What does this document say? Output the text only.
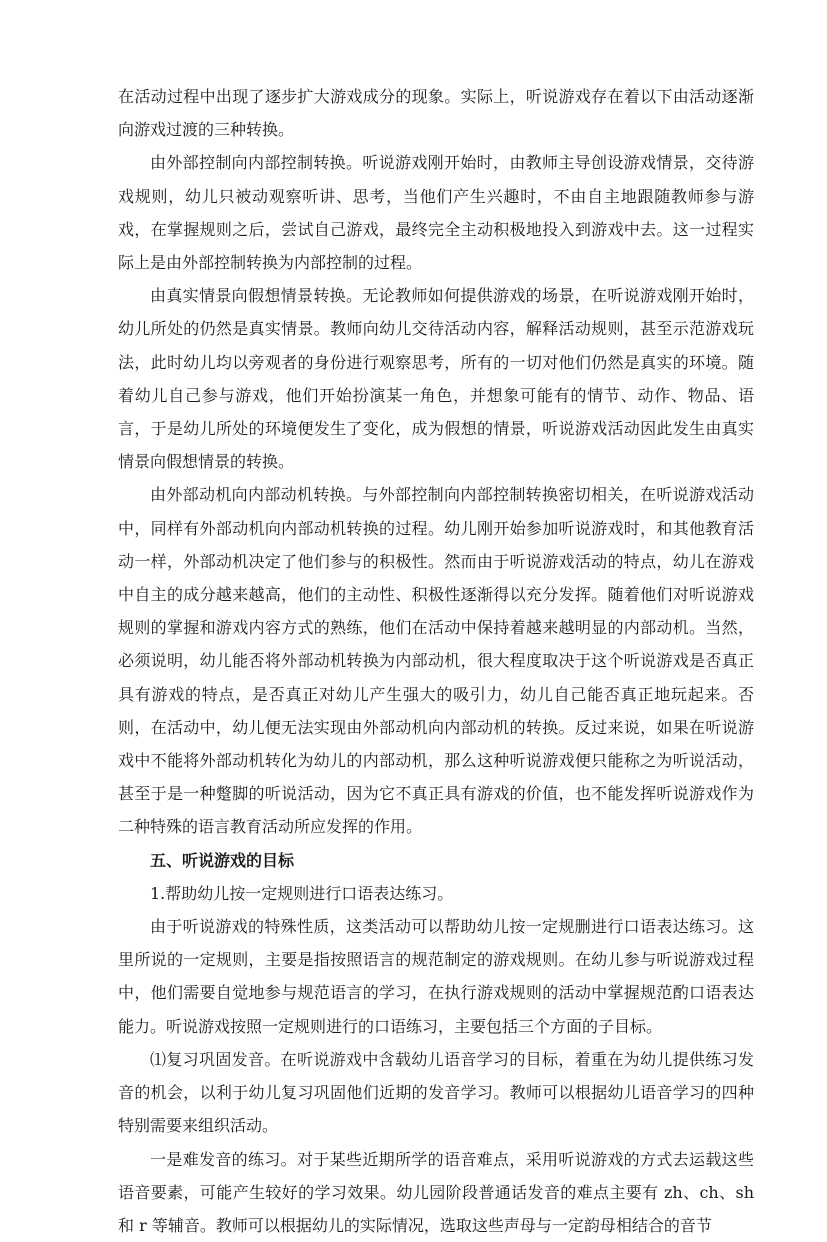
在活动过程中出现了逐步扩大游戏成分的现象。实际上，听说游戏存在着以下由活动逐渐向游戏过渡的三种转换。

由外部控制向内部控制转换。听说游戏刚开始时，由教师主导创设游戏情景，交待游戏规则，幼儿只被动观察听讲、思考，当他们产生兴趣时，不由自主地跟随教师参与游戏，在掌握规则之后，尝试自己游戏，最终完全主动积极地投入到游戏中去。这一过程实际上是由外部控制转换为内部控制的过程。

由真实情景向假想情景转换。无论教师如何提供游戏的场景，在听说游戏刚开始时，幼儿所处的仍然是真实情景。教师向幼儿交待活动内容，解释活动规则，甚至示范游戏玩法，此时幼儿均以旁观者的身份进行观察思考，所有的一切对他们仍然是真实的环境。随着幼儿自己参与游戏，他们开始扮演某一角色，并想象可能有的情节、动作、物品、语言，于是幼儿所处的环境便发生了变化，成为假想的情景，听说游戏活动因此发生由真实情景向假想情景的转换。

由外部动机向内部动机转换。与外部控制向内部控制转换密切相关，在听说游戏活动中，同样有外部动机向内部动机转换的过程。幼儿刚开始参加听说游戏时，和其他教育活动一样，外部动机决定了他们参与的积极性。然而由于听说游戏活动的特点，幼儿在游戏中自主的成分越来越高，他们的主动性、积极性逐渐得以充分发挥。随着他们对听说游戏规则的掌握和游戏内容方式的熟练，他们在活动中保持着越来越明显的内部动机。当然，必须说明，幼儿能否将外部动机转换为内部动机，很大程度取决于这个听说游戏是否真正具有游戏的特点，是否真正对幼儿产生强大的吸引力，幼儿自己能否真正地玩起来。否则，在活动中，幼儿便无法实现由外部动机向内部动机的转换。反过来说，如果在听说游戏中不能将外部动机转化为幼儿的内部动机，那么这种听说游戏便只能称之为听说活动，甚至于是一种蹩脚的听说活动，因为它不真正具有游戏的价值，也不能发挥听说游戏作为二种特殊的语言教育活动所应发挥的作用。

五、听说游戏的目标

1.帮助幼儿按一定规则进行口语表达练习。

由于听说游戏的特殊性质，这类活动可以帮助幼儿按一定规删进行口语表达练习。这里所说的一定规则，主要是指按照语言的规范制定的游戏规则。在幼儿参与听说游戏过程中，他们需要自觉地参与规范语言的学习，在执行游戏规则的活动中掌握规范酌口语表达能力。听说游戏按照一定规则进行的口语练习，主要包括三个方面的子目标。

⑴复习巩固发音。在听说游戏中含载幼儿语音学习的目标，着重在为幼儿提供练习发音的机会，以利于幼儿复习巩固他们近期的发音学习。教师可以根据幼儿语音学习的四种特别需要来组织活动。

一是难发音的练习。对于某些近期所学的语音难点，采用听说游戏的方式去运载这些语音要素，可能产生较好的学习效果。幼儿园阶段普通话发音的难点主要有 zh、ch、sh 和 r 等辅音。教师可以根据幼儿的实际情况，选取这些声母与一定韵母相结合的音节
